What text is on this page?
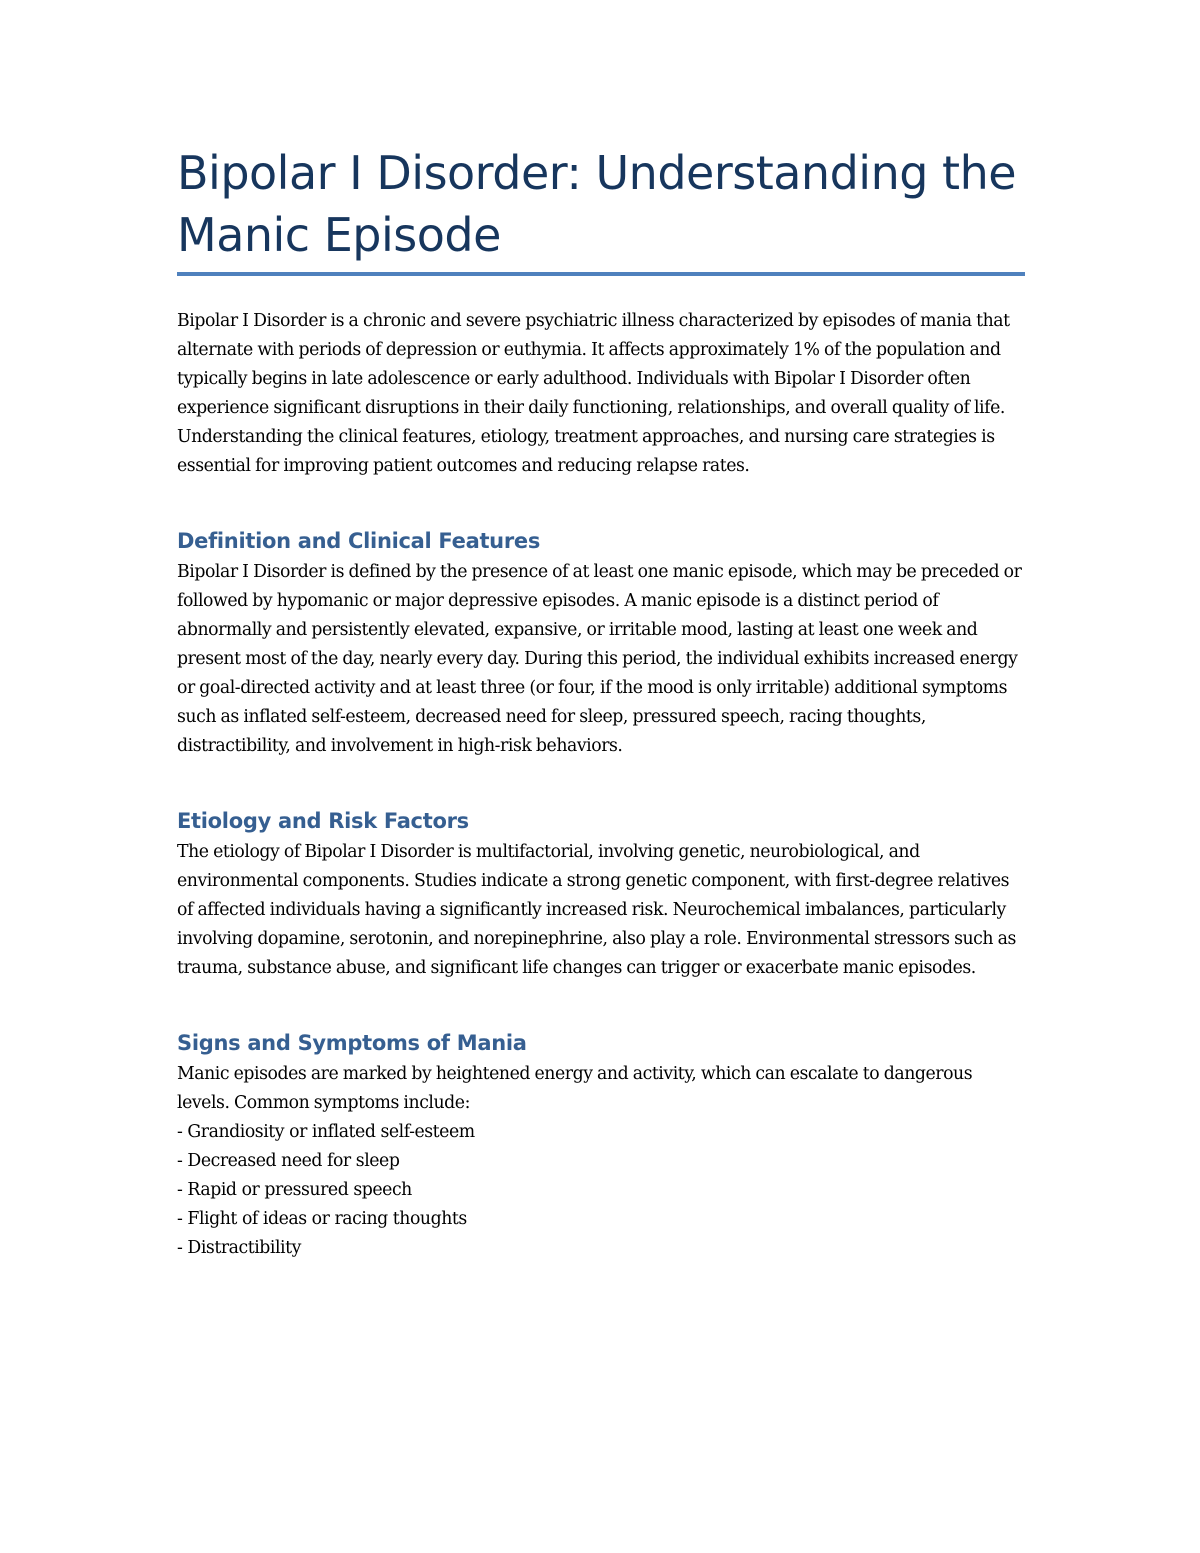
Bipolar I Disorder: Understanding the Manic Episode

Bipolar I Disorder is a chronic and severe psychiatric illness characterized by episodes of mania that alternate with periods of depression or euthymia. It affects approximately 1% of the population and typically begins in late adolescence or early adulthood. Individuals with Bipolar I Disorder often experience significant disruptions in their daily functioning, relationships, and overall quality of life. Understanding the clinical features, etiology, treatment approaches, and nursing care strategies is essential for improving patient outcomes and reducing relapse rates.

Definition and Clinical Features

Bipolar I Disorder is defined by the presence of at least one manic episode, which may be preceded or followed by hypomanic or major depressive episodes. A manic episode is a distinct period of abnormally and persistently elevated, expansive, or irritable mood, lasting at least one week and present most of the day, nearly every day. During this period, the individual exhibits increased energy or goal-directed activity and at least three (or four, if the mood is only irritable) additional symptoms such as inflated self-esteem, decreased need for sleep, pressured speech, racing thoughts, distractibility, and involvement in high-risk behaviors.

Etiology and Risk Factors

The etiology of Bipolar I Disorder is multifactorial, involving genetic, neurobiological, and environmental components. Studies indicate a strong genetic component, with first-degree relatives of affected individuals having a significantly increased risk. Neurochemical imbalances, particularly involving dopamine, serotonin, and norepinephrine, also play a role. Environmental stressors such as trauma, substance abuse, and significant life changes can trigger or exacerbate manic episodes.

Signs and Symptoms of Mania

Manic episodes are marked by heightened energy and activity, which can escalate to dangerous levels. Common symptoms include:

- Grandiosity or inflated self-esteem
- Decreased need for sleep
- Rapid or pressured speech
- Flight of ideas or racing thoughts
- Distractibility
